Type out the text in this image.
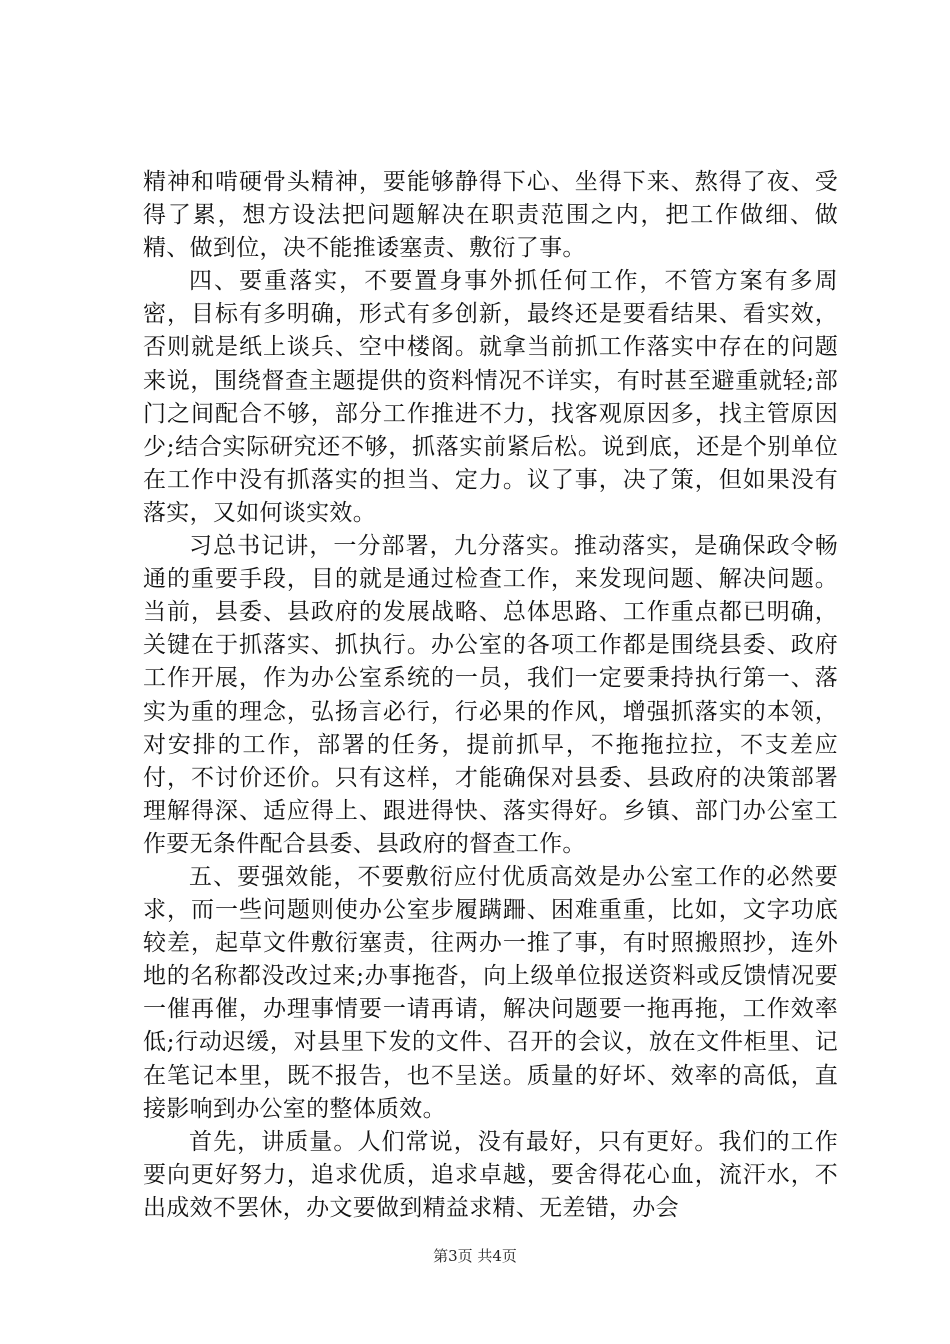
精神和啃硬骨头精神，要能够静得下心、坐得下来、熬得了夜、受得了累，想方设法把问题解决在职责范围之内，把工作做细、做精、做到位，决不能推诿塞责、敷衍了事。

四、要重落实，不要置身事外抓任何工作，不管方案有多周密，目标有多明确，形式有多创新，最终还是要看结果、看实效，否则就是纸上谈兵、空中楼阁。就拿当前抓工作落实中存在的问题来说，围绕督查主题提供的资料情况不详实，有时甚至避重就轻;部门之间配合不够，部分工作推进不力，找客观原因多，找主管原因少;结合实际研究还不够，抓落实前紧后松。说到底，还是个别单位在工作中没有抓落实的担当、定力。议了事，决了策，但如果没有落实，又如何谈实效。

习总书记讲，一分部署，九分落实。推动落实，是确保政令畅通的重要手段，目的就是通过检查工作，来发现问题、解决问题。当前，县委、县政府的发展战略、总体思路、工作重点都已明确，关键在于抓落实、抓执行。办公室的各项工作都是围绕县委、政府工作开展，作为办公室系统的一员，我们一定要秉持执行第一、落实为重的理念，弘扬言必行，行必果的作风，增强抓落实的本领，对安排的工作，部署的任务，提前抓早，不拖拖拉拉，不支差应付，不讨价还价。只有这样，才能确保对县委、县政府的决策部署理解得深、适应得上、跟进得快、落实得好。乡镇、部门办公室工作要无条件配合县委、县政府的督查工作。

五、要强效能，不要敷衍应付优质高效是办公室工作的必然要求，而一些问题则使办公室步履蹒跚、困难重重，比如，文字功底较差，起草文件敷衍塞责，往两办一推了事，有时照搬照抄，连外地的名称都没改过来;办事拖沓，向上级单位报送资料或反馈情况要一催再催，办理事情要一请再请，解决问题要一拖再拖，工作效率低;行动迟缓，对县里下发的文件、召开的会议，放在文件柜里、记在笔记本里，既不报告，也不呈送。质量的好坏、效率的高低，直接影响到办公室的整体质效。

首先，讲质量。人们常说，没有最好，只有更好。我们的工作要向更好努力，追求优质，追求卓越，要舍得花心血，流汗水，不出成效不罢休，办文要做到精益求精、无差错，办会

第3页 共4页
